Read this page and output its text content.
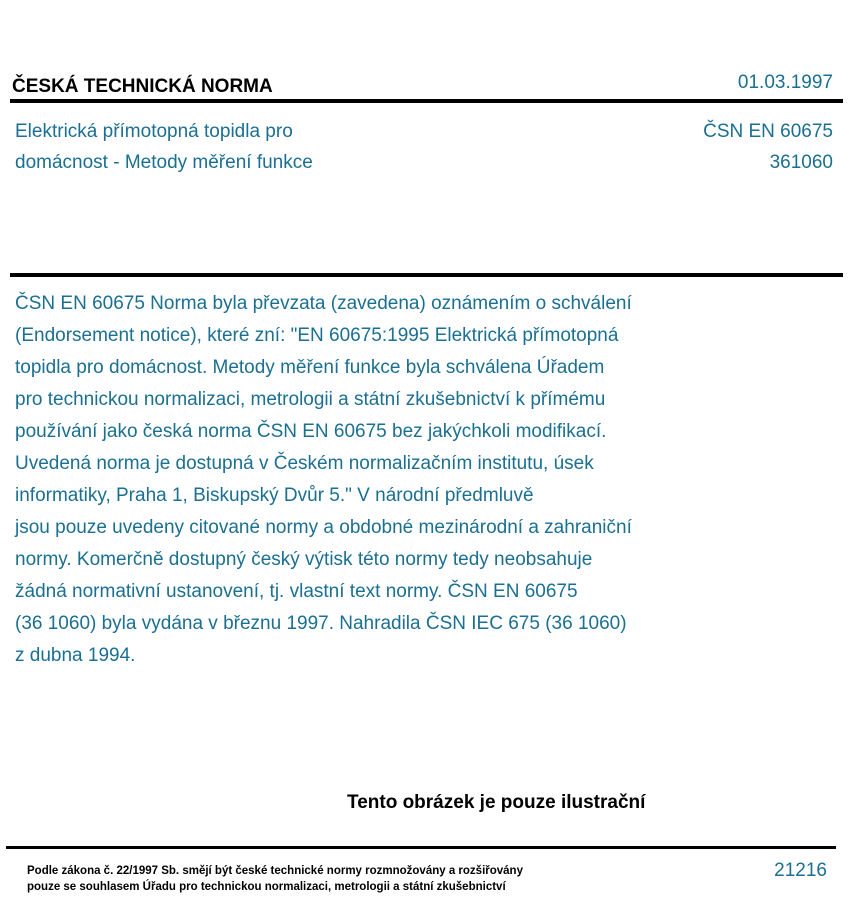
ČESKÁ TECHNICKÁ NORMA	01.03.1997
Elektrická přímotopná topidla pro
domácnost - Metody měření funkce
ČSN EN 60675
361060
ČSN EN 60675 Norma byla převzata (zavedena) oznámením o schválení
(Endorsement notice), které zní: "EN 60675:1995 Elektrická přímotopná
topidla pro domácnost. Metody měření funkce byla schválena Úřadem
pro technickou normalizaci, metrologii a státní zkušebnictví k přímému
používání jako česká norma ČSN EN 60675 bez jakýchkoli modifikací.
Uvedená norma je dostupná v Českém normalizačním institutu, úsek
informatiky, Praha 1, Biskupský Dvůr 5." V národní předmluvě
jsou pouze uvedeny citované normy a obdobné mezinárodní a zahraniční
normy. Komerčně dostupný český výtisk této normy tedy neobsahuje
žádná normativní ustanovení, tj. vlastní text normy. ČSN EN 60675
(36 1060) byla vydána v březnu 1997. Nahradila ČSN IEC 675 (36 1060)
z dubna 1994.
Tento obrázek je pouze ilustrační
Podle zákona č. 22/1997 Sb. smějí být české technické normy rozmnožovány a rozšiřovány
pouze se souhlasem Úřadu pro technickou normalizaci, metrologii a státní zkušebnictví
21216
